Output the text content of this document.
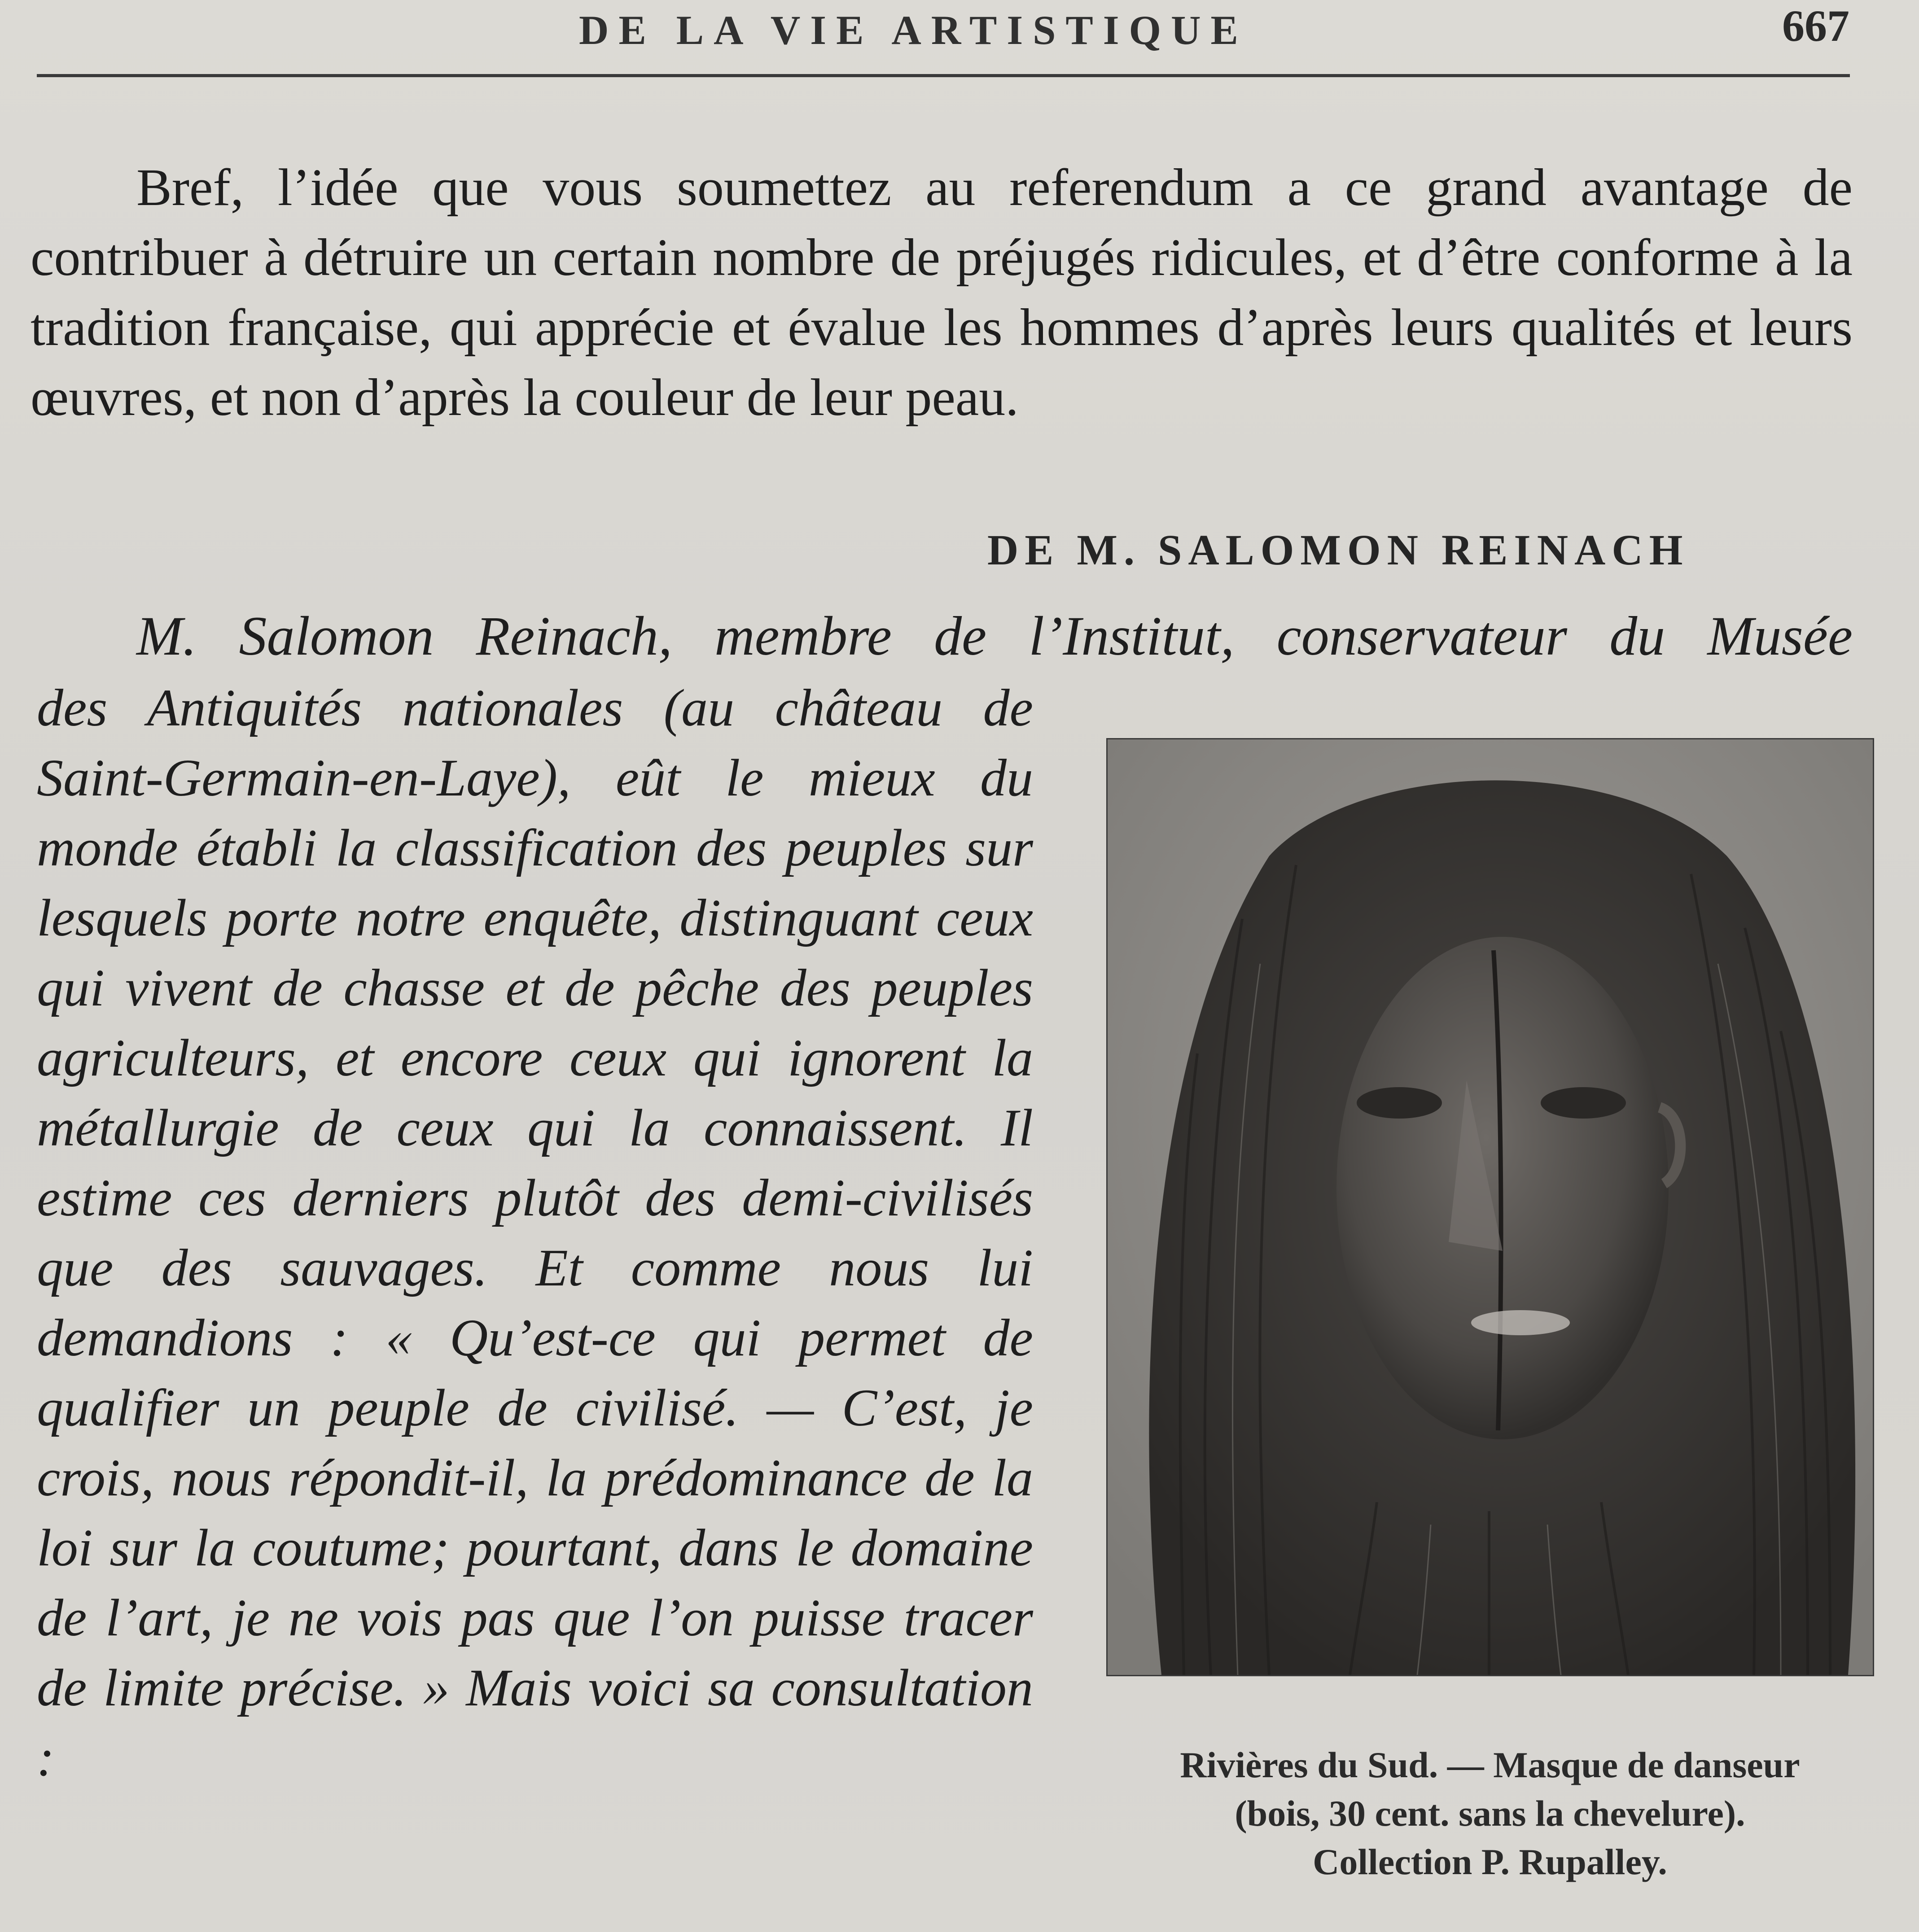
DE LA VIE ARTISTIQUE	667

Bref, l’idée que vous soumettez au referendum a ce grand avantage de contribuer à détruire un certain nombre de préjugés ridicules, et d’être conforme à la tradition française, qui apprécie et évalue les hommes d’après leurs qualités et leurs œuvres, et non d’après la couleur de leur peau.

DE M. SALOMON REINACH

M. Salomon Reinach, membre de l’Institut, conservateur du Musée

des Antiquités nationales (au château de Saint-Germain-en-Laye), eût le mieux du monde établi la classification des peuples sur lesquels porte notre enquête, distinguant ceux qui vivent de chasse et de pêche des peuples agriculteurs, et encore ceux qui ignorent la métallurgie de ceux qui la connaissent. Il estime ces derniers plutôt des demi-civilisés que des sauvages. Et comme nous lui demandions : « Qu’est-ce qui permet de qualifier un peuple de civilisé. — C’est, je crois, nous répondit-il, la prédominance de la loi sur la coutume; pourtant, dans le domaine de l’art, je ne vois pas que l’on puisse tracer de limite précise. » Mais voici sa consultation :	Rivières du Sud. — Masque de danseur
(bois, 30 cent. sans la chevelure).
Collection P. Rupalley.
